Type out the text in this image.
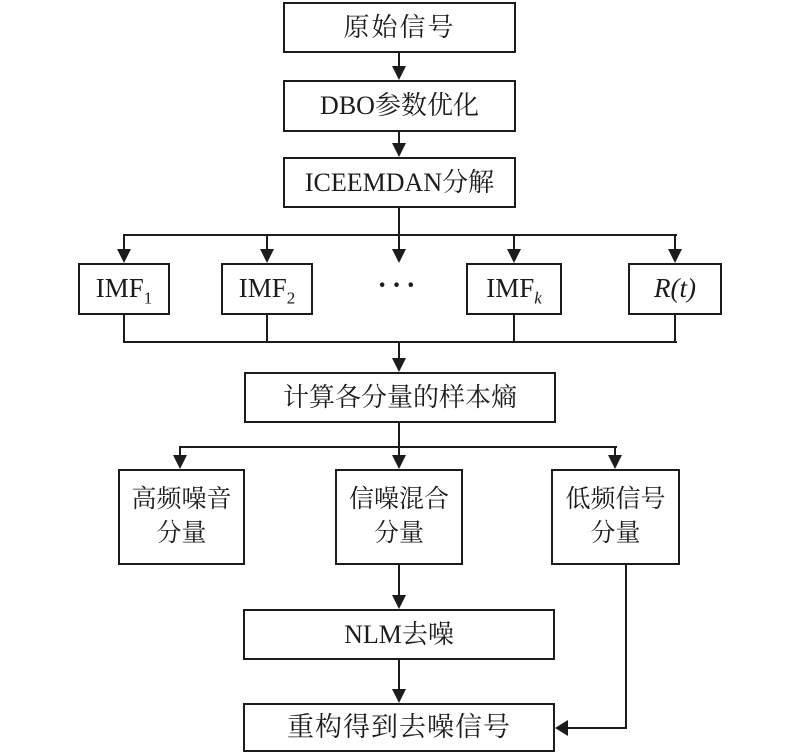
原始信号
DBO参数优化
ICEEMDAN分解
$IMF_1$	$IMF_2$	··· $IMF_k$	R(t)
计算各分量的样本熵
高频噪音
分量
信噪混合
分量
低频信号
分量
NLM去噪
重构得到去噪信号
